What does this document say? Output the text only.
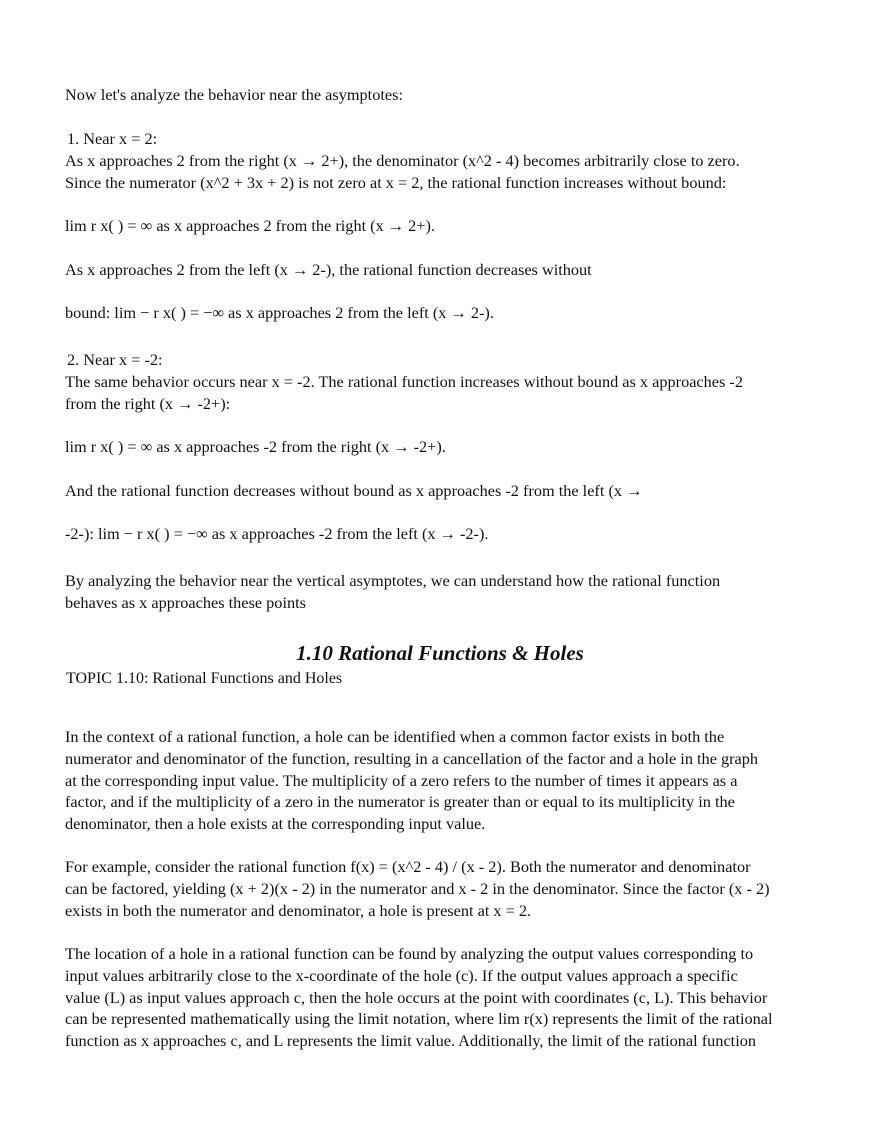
Now let's analyze the behavior near the asymptotes:

1. Near x = 2:
As x approaches 2 from the right (x → 2+), the denominator (x^2 - 4) becomes arbitrarily close to zero.
Since the numerator (x^2 + 3x + 2) is not zero at x = 2, the rational function increases without bound:

lim r x( ) = ∞ as x approaches 2 from the right (x → 2+).

As x approaches 2 from the left (x → 2-), the rational function decreases without

bound: lim − r x( ) = −∞ as x approaches 2 from the left (x → 2-).

2. Near x = -2:
The same behavior occurs near x = -2. The rational function increases without bound as x approaches -2
from the right (x → -2+):

lim r x( ) = ∞ as x approaches -2 from the right (x → -2+).

And the rational function decreases without bound as x approaches -2 from the left (x →

-2-): lim − r x( ) = −∞ as x approaches -2 from the left (x → -2-).

By analyzing the behavior near the vertical asymptotes, we can understand how the rational function
behaves as x approaches these points
1.10 Rational Functions & Holes
TOPIC 1.10: Rational Functions and Holes
In the context of a rational function, a hole can be identified when a common factor exists in both the
numerator and denominator of the function, resulting in a cancellation of the factor and a hole in the graph
at the corresponding input value. The multiplicity of a zero refers to the number of times it appears as a
factor, and if the multiplicity of a zero in the numerator is greater than or equal to its multiplicity in the
denominator, then a hole exists at the corresponding input value.
For example, consider the rational function f(x) = (x^2 - 4) / (x - 2). Both the numerator and denominator
can be factored, yielding (x + 2)(x - 2) in the numerator and x - 2 in the denominator. Since the factor (x - 2)
exists in both the numerator and denominator, a hole is present at x = 2.
The location of a hole in a rational function can be found by analyzing the output values corresponding to
input values arbitrarily close to the x-coordinate of the hole (c). If the output values approach a specific
value (L) as input values approach c, then the hole occurs at the point with coordinates (c, L). This behavior
can be represented mathematically using the limit notation, where lim r(x) represents the limit of the rational
function as x approaches c, and L represents the limit value. Additionally, the limit of the rational function
